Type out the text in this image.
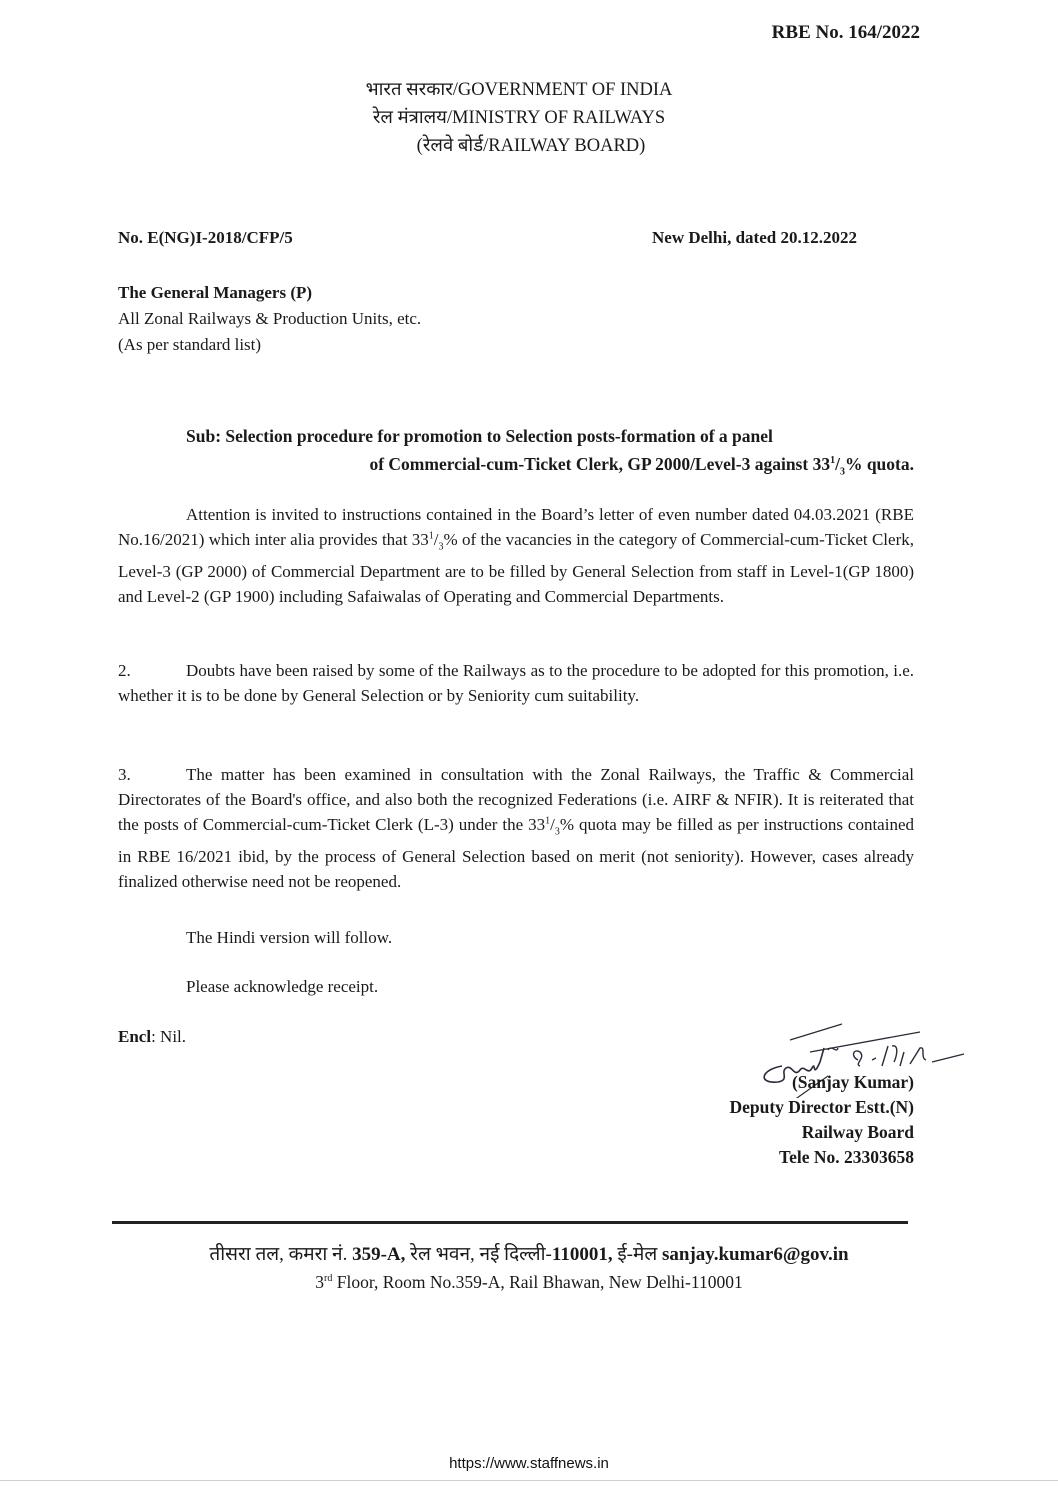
RBE No. 164/2022
भारत सरकार/GOVERNMENT OF INDIA
रेल मंत्रालय/MINISTRY OF RAILWAYS
(रेलवे बोर्ड/RAILWAY BOARD)
No. E(NG)I-2018/CFP/5	New Delhi, dated 20.12.2022
The General Managers (P)
All Zonal Railways & Production Units, etc.
(As per standard list)
Sub: Selection procedure for promotion to Selection posts-formation of a panel
of Commercial-cum-Ticket Clerk, GP 2000/Level-3 against $33^1/_3\%$ quota.
Attention is invited to instructions contained in the Board’s letter of even number dated 04.03.2021 (RBE No.16/2021) which inter alia provides that $33^1/_3\%$ of the vacancies in the category of Commercial-cum-Ticket Clerk, Level-3 (GP 2000) of Commercial Department are to be filled by General Selection from staff in Level-1(GP 1800) and Level-2 (GP 1900) including Safaiwalas of Operating and Commercial Departments.
2.	Doubts have been raised by some of the Railways as to the procedure to be adopted for this promotion, i.e. whether it is to be done by General Selection or by Seniority cum suitability.
3.	The matter has been examined in consultation with the Zonal Railways, the Traffic & Commercial Directorates of the Board's office, and also both the recognized Federations (i.e. AIRF & NFIR). It is reiterated that the posts of Commercial-cum-Ticket Clerk (L-3) under the $33^1/_3\%$ quota may be filled as per instructions contained in RBE 16/2021 ibid, by the process of General Selection based on merit (not seniority). However, cases already finalized otherwise need not be reopened.
The Hindi version will follow.
Please acknowledge receipt.
Encl: Nil.
(Sanjay Kumar)
Deputy Director Estt.(N)
Railway Board
Tele No. 23303658
तीसरा तल, कमरा नं. 359-A, रेल भवन, नई दिल्ली-110001, ई-मेल sanjay.kumar6@gov.in
3rd Floor, Room No.359-A, Rail Bhawan, New Delhi-110001
https://www.staffnews.in
